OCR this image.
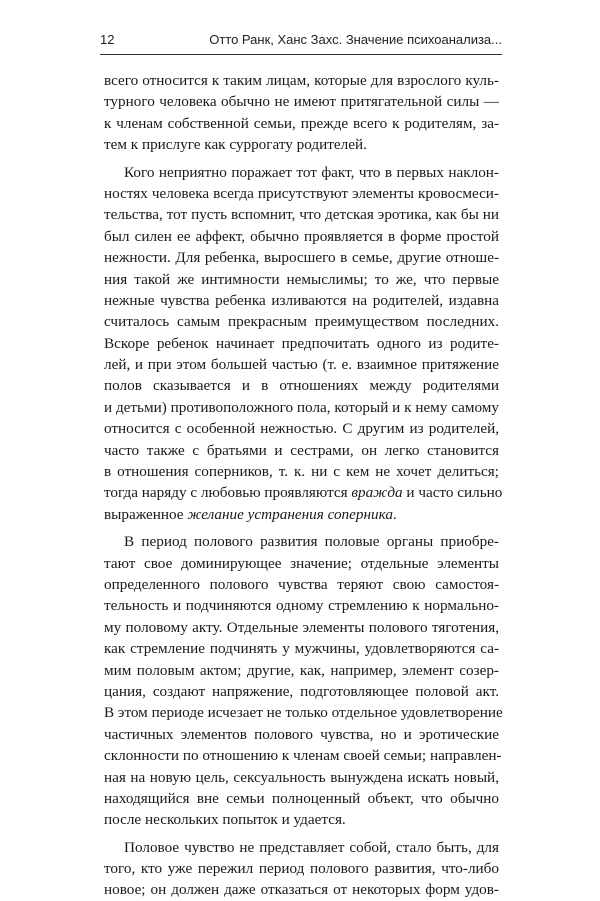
12	Отто Ранк, Ханс Захс. Значение психоанализа...
всего относится к таким лицам, которые для взрослого куль-
турного человека обычно не имеют притягательной силы —
к членам собственной семьи, прежде всего к родителям, за-
тем к прислуге как суррогату родителей.
Кого неприятно поражает тот факт, что в первых наклон-
ностях человека всегда присутствуют элементы кровосмеси-
тельства, тот пусть вспомнит, что детская эротика, как бы ни
был силен ее аффект, обычно проявляется в форме простой
нежности. Для ребенка, выросшего в семье, другие отноше-
ния такой же интимности немыслимы; то же, что первые
нежные чувства ребенка изливаются на родителей, издавна
считалось самым прекрасным преимуществом последних.
Вскоре ребенок начинает предпочитать одного из родите-
лей, и при этом большей частью (т. е. взаимное притяжение
полов сказывается и в отношениях между родителями
и детьми) противоположного пола, который и к нему самому
относится с особенной нежностью. С другим из родителей,
часто также с братьями и сестрами, он легко становится
в отношения соперников, т. к. ни с кем не хочет делиться;
тогда наряду с любовью проявляются вражда и часто сильно
выраженное желание устранения соперника.
В период полового развития половые органы приобре-
тают свое доминирующее значение; отдельные элементы
определенного полового чувства теряют свою самостоя-
тельность и подчиняются одному стремлению к нормально-
му половому акту. Отдельные элементы полового тяготения,
как стремление подчинять у мужчины, удовлетворяются са-
мим половым актом; другие, как, например, элемент созер-
цания, создают напряжение, подготовляющее половой акт.
В этом периоде исчезает не только отдельное удовлетворение
частичных элементов полового чувства, но и эротические
склонности по отношению к членам своей семьи; направлен-
ная на новую цель, сексуальность вынуждена искать новый,
находящийся вне семьи полноценный объект, что обычно
после нескольких попыток и удается.
Половое чувство не представляет собой, стало быть, для
того, кто уже пережил период полового развития, что-либо
новое; он должен даже отказаться от некоторых форм удов-
